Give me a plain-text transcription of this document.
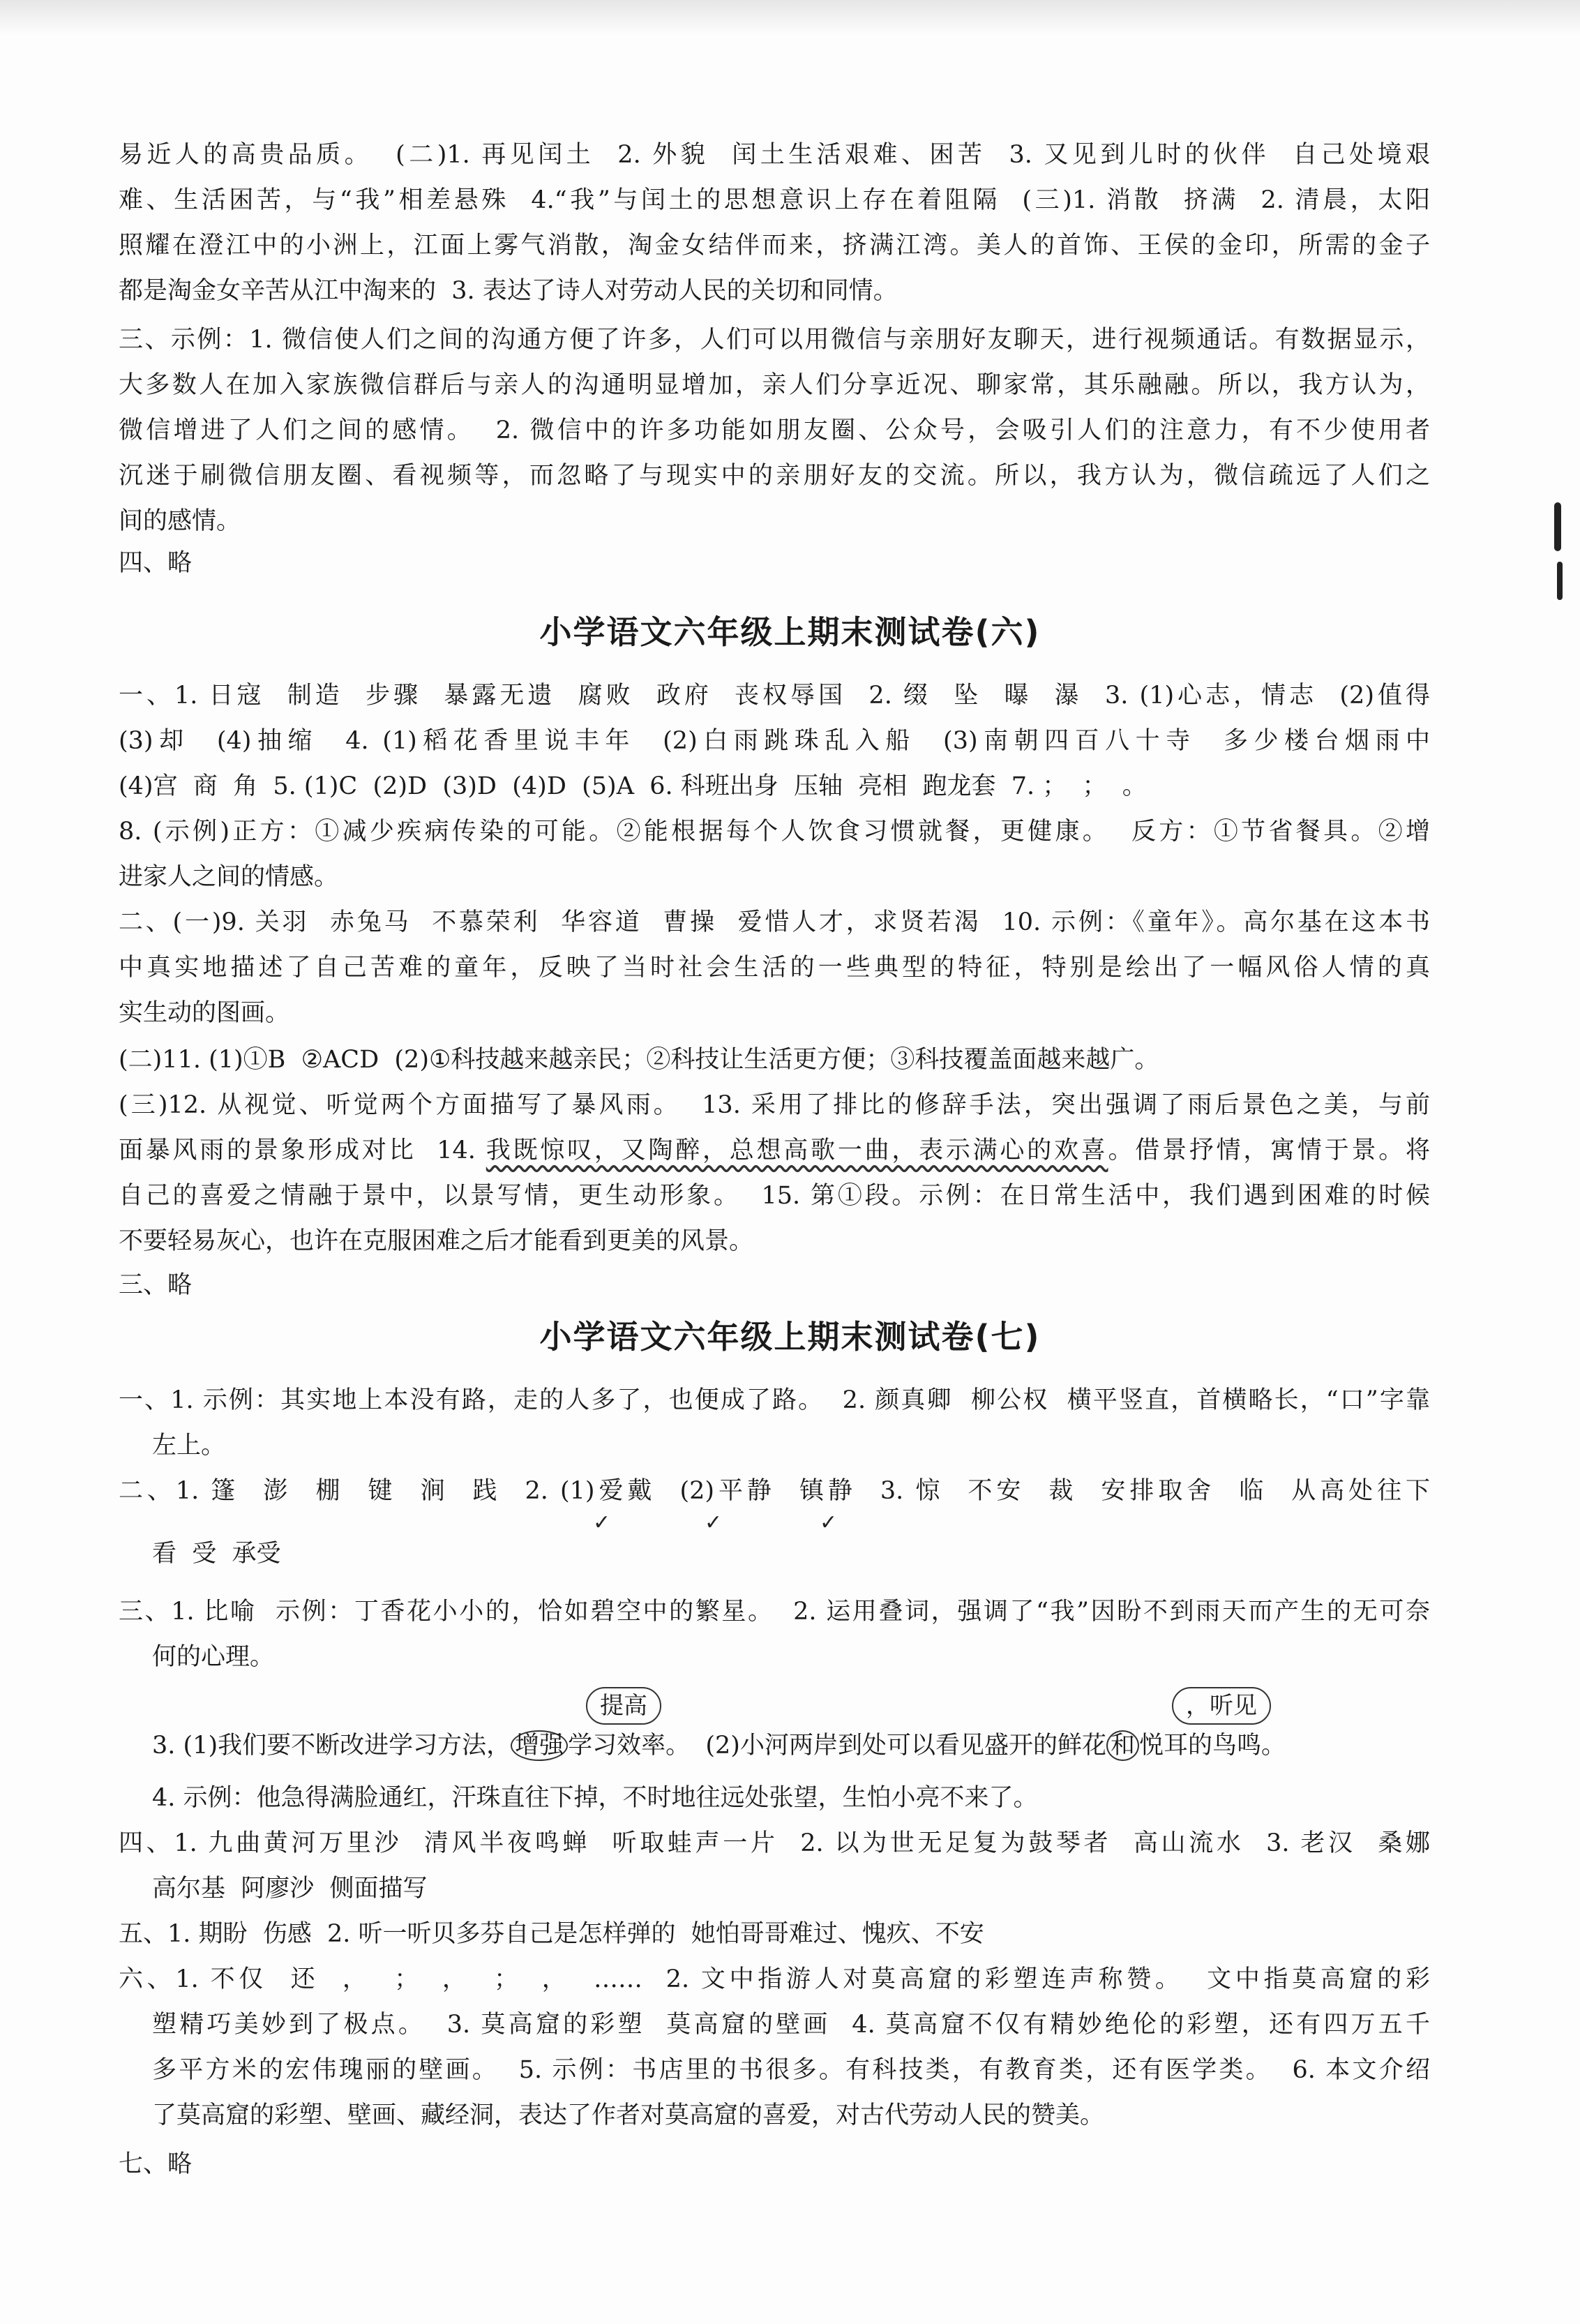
易近人的高贵品质。  (二)1. 再见闰土  2. 外貌  闰土生活艰难、困苦  3. 又见到儿时的伙伴  自己处境艰

难、生活困苦，与“我”相差悬殊  4.“我”与闰土的思想意识上存在着阻隔  (三)1. 消散  挤满  2. 清晨，太阳

照耀在澄江中的小洲上，江面上雾气消散，淘金女结伴而来，挤满江湾。美人的首饰、王侯的金印，所需的金子

都是淘金女辛苦从江中淘来的  3. 表达了诗人对劳动人民的关切和同情。

三、示例：1. 微信使人们之间的沟通方便了许多，人们可以用微信与亲朋好友聊天，进行视频通话。有数据显示，

大多数人在加入家族微信群后与亲人的沟通明显增加，亲人们分享近况、聊家常，其乐融融。所以，我方认为，

微信增进了人们之间的感情。  2. 微信中的许多功能如朋友圈、公众号，会吸引人们的注意力，有不少使用者

沉迷于刷微信朋友圈、看视频等，而忽略了与现实中的亲朋好友的交流。所以，我方认为，微信疏远了人们之

间的感情。

四、略

小学语文六年级上期末测试卷(六)

一、1. 日寇  制造  步骤  暴露无遗  腐败  政府  丧权辱国  2. 缀  坠  曝  瀑  3. (1)心志，情志  (2)值得

(3)却  (4)抽缩  4. (1)稻花香里说丰年  (2)白雨跳珠乱入船  (3)南朝四百八十寺  多少楼台烟雨中

(4)宫  商  角  5. (1)C  (2)D  (3)D  (4)D  (5)A  6. 科班出身  压轴  亮相  跑龙套  7. ；  ；  。

8. (示例)正方：①减少疾病传染的可能。②能根据每个人饮食习惯就餐，更健康。  反方：①节省餐具。②增

进家人之间的情感。

二、(一)9. 关羽  赤兔马  不慕荣利  华容道  曹操  爱惜人才，求贤若渴  10. 示例：《童年》。高尔基在这本书

中真实地描述了自己苦难的童年，反映了当时社会生活的一些典型的特征，特别是绘出了一幅风俗人情的真

实生动的图画。

(二)11. (1)①B  ②ACD  (2)①科技越来越亲民；②科技让生活更方便；③科技覆盖面越来越广。

(三)12. 从视觉、听觉两个方面描写了暴风雨。  13. 采用了排比的修辞手法，突出强调了雨后景色之美，与前

面暴风雨的景象形成对比  14. 我既惊叹，又陶醉，总想高歌一曲，表示满心的欢喜。借景抒情，寓情于景。将

自己的喜爱之情融于景中，以景写情，更生动形象。  15. 第①段。示例：在日常生活中，我们遇到困难的时候

不要轻易灰心，也许在克服困难之后才能看到更美的风景。

三、略

小学语文六年级上期末测试卷(七)

一、1. 示例：其实地上本没有路，走的人多了，也便成了路。  2. 颜真卿  柳公权  横平竖直，首横略长，“口”字靠

左上。

二、1. 篷  澎  棚  键  涧  践  2. (1)爱戴  (2)平静  镇静  3. 惊  不安  裁  安排取舍  临  从高处往下

✓	✓	✓

看  受  承受

三、1. 比喻  示例：丁香花小小的，恰如碧空中的繁星。  2. 运用叠词，强调了“我”因盼不到雨天而产生的无可奈

何的心理。

提高	，听见

3. (1)我们要不断改进学习方法， 增强 学习效率。  (2)小河两岸到处可以看见盛开的鲜花 和 悦耳的鸟鸣。

4. 示例：他急得满脸通红，汗珠直往下掉，不时地往远处张望，生怕小亮不来了。

四、1. 九曲黄河万里沙  清风半夜鸣蝉  听取蛙声一片  2. 以为世无足复为鼓琴者  高山流水  3. 老汉  桑娜

高尔基  阿廖沙  侧面描写

五、1. 期盼  伤感  2. 听一听贝多芬自己是怎样弹的  她怕哥哥难过、愧疚、不安

六、1. 不仅  还  ，  ；  ，  ；  ，  ……  2. 文中指游人对莫高窟的彩塑连声称赞。  文中指莫高窟的彩

塑精巧美妙到了极点。  3. 莫高窟的彩塑  莫高窟的壁画  4. 莫高窟不仅有精妙绝伦的彩塑，还有四万五千

多平方米的宏伟瑰丽的壁画。  5. 示例：书店里的书很多。有科技类，有教育类，还有医学类。  6. 本文介绍

了莫高窟的彩塑、壁画、藏经洞，表达了作者对莫高窟的喜爱，对古代劳动人民的赞美。

七、略
